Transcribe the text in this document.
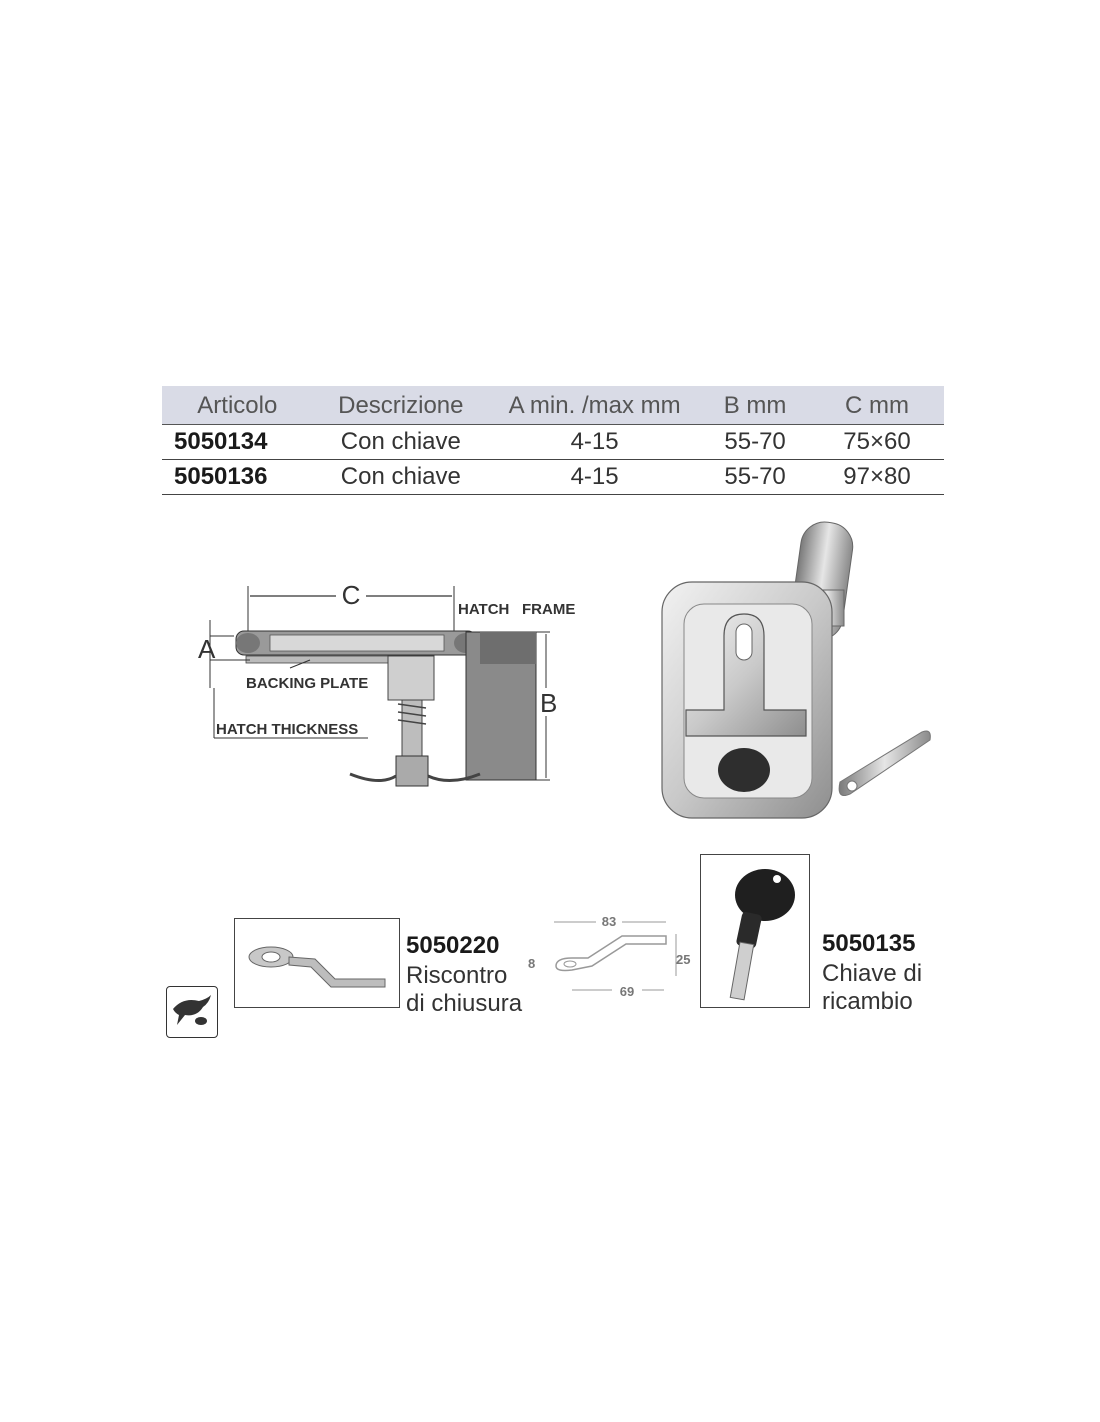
Articolo	Descrizione	A min. /max mm	B mm	C mm
5050134	Con chiave	4-15	55-70	75×60
5050136	Con chiave	4-15	55-70	97×80
C	HATCH FRAME
A
B
BACKING PLATE
HATCH THICKNESS
5050220
Riscontro
di chiusura
83
25
8
69
5050135
Chiave di
ricambio
